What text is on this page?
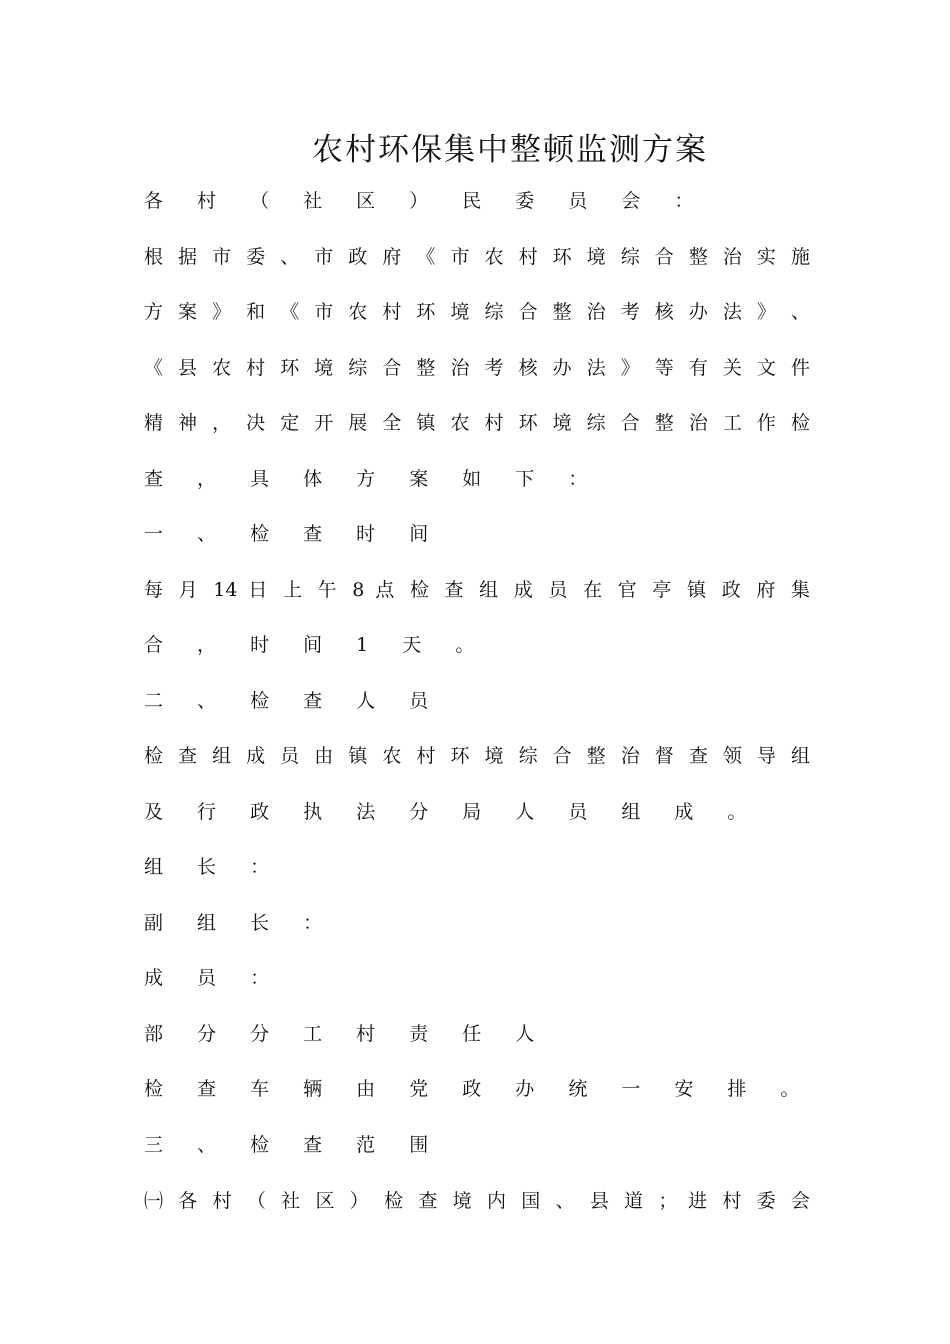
农村环保集中整顿监测方案
各 村 （ 社 区 ） 民 委 员 会 ：
根 据 市 委 、 市 政 府 《 市 农 村 环 境 综 合 整 治 实 施
方 案 》 和 《 市 农 村 环 境 综 合 整 治 考 核 办 法 》 、
《 县 农 村 环 境 综 合 整 治 考 核 办 法 》 等 有 关 文 件
精 神 ， 决 定 开 展 全 镇 农 村 环 境 综 合 整 治 工 作 检
查 ， 具 体 方 案 如 下 ：
一 、 检 查 时 间
每 月 14 日 上 午 8 点 检 查 组 成 员 在 官 亭 镇 政 府 集
合 ， 时 间 1 天 。
二 、 检 查 人 员
检 查 组 成 员 由 镇 农 村 环 境 综 合 整 治 督 查 领 导 组
及 行 政 执 法 分 局 人 员 组 成 。
组 长 ：
副 组 长 ：
成 员 ：
部 分 分 工 村 责 任 人
检 查 车 辆 由 党 政 办 统 一 安 排 。
三 、 检 查 范 围
㈠ 各 村 （ 社 区 ） 检 查 境 内 国 、 县 道 ； 进 村 委 会
